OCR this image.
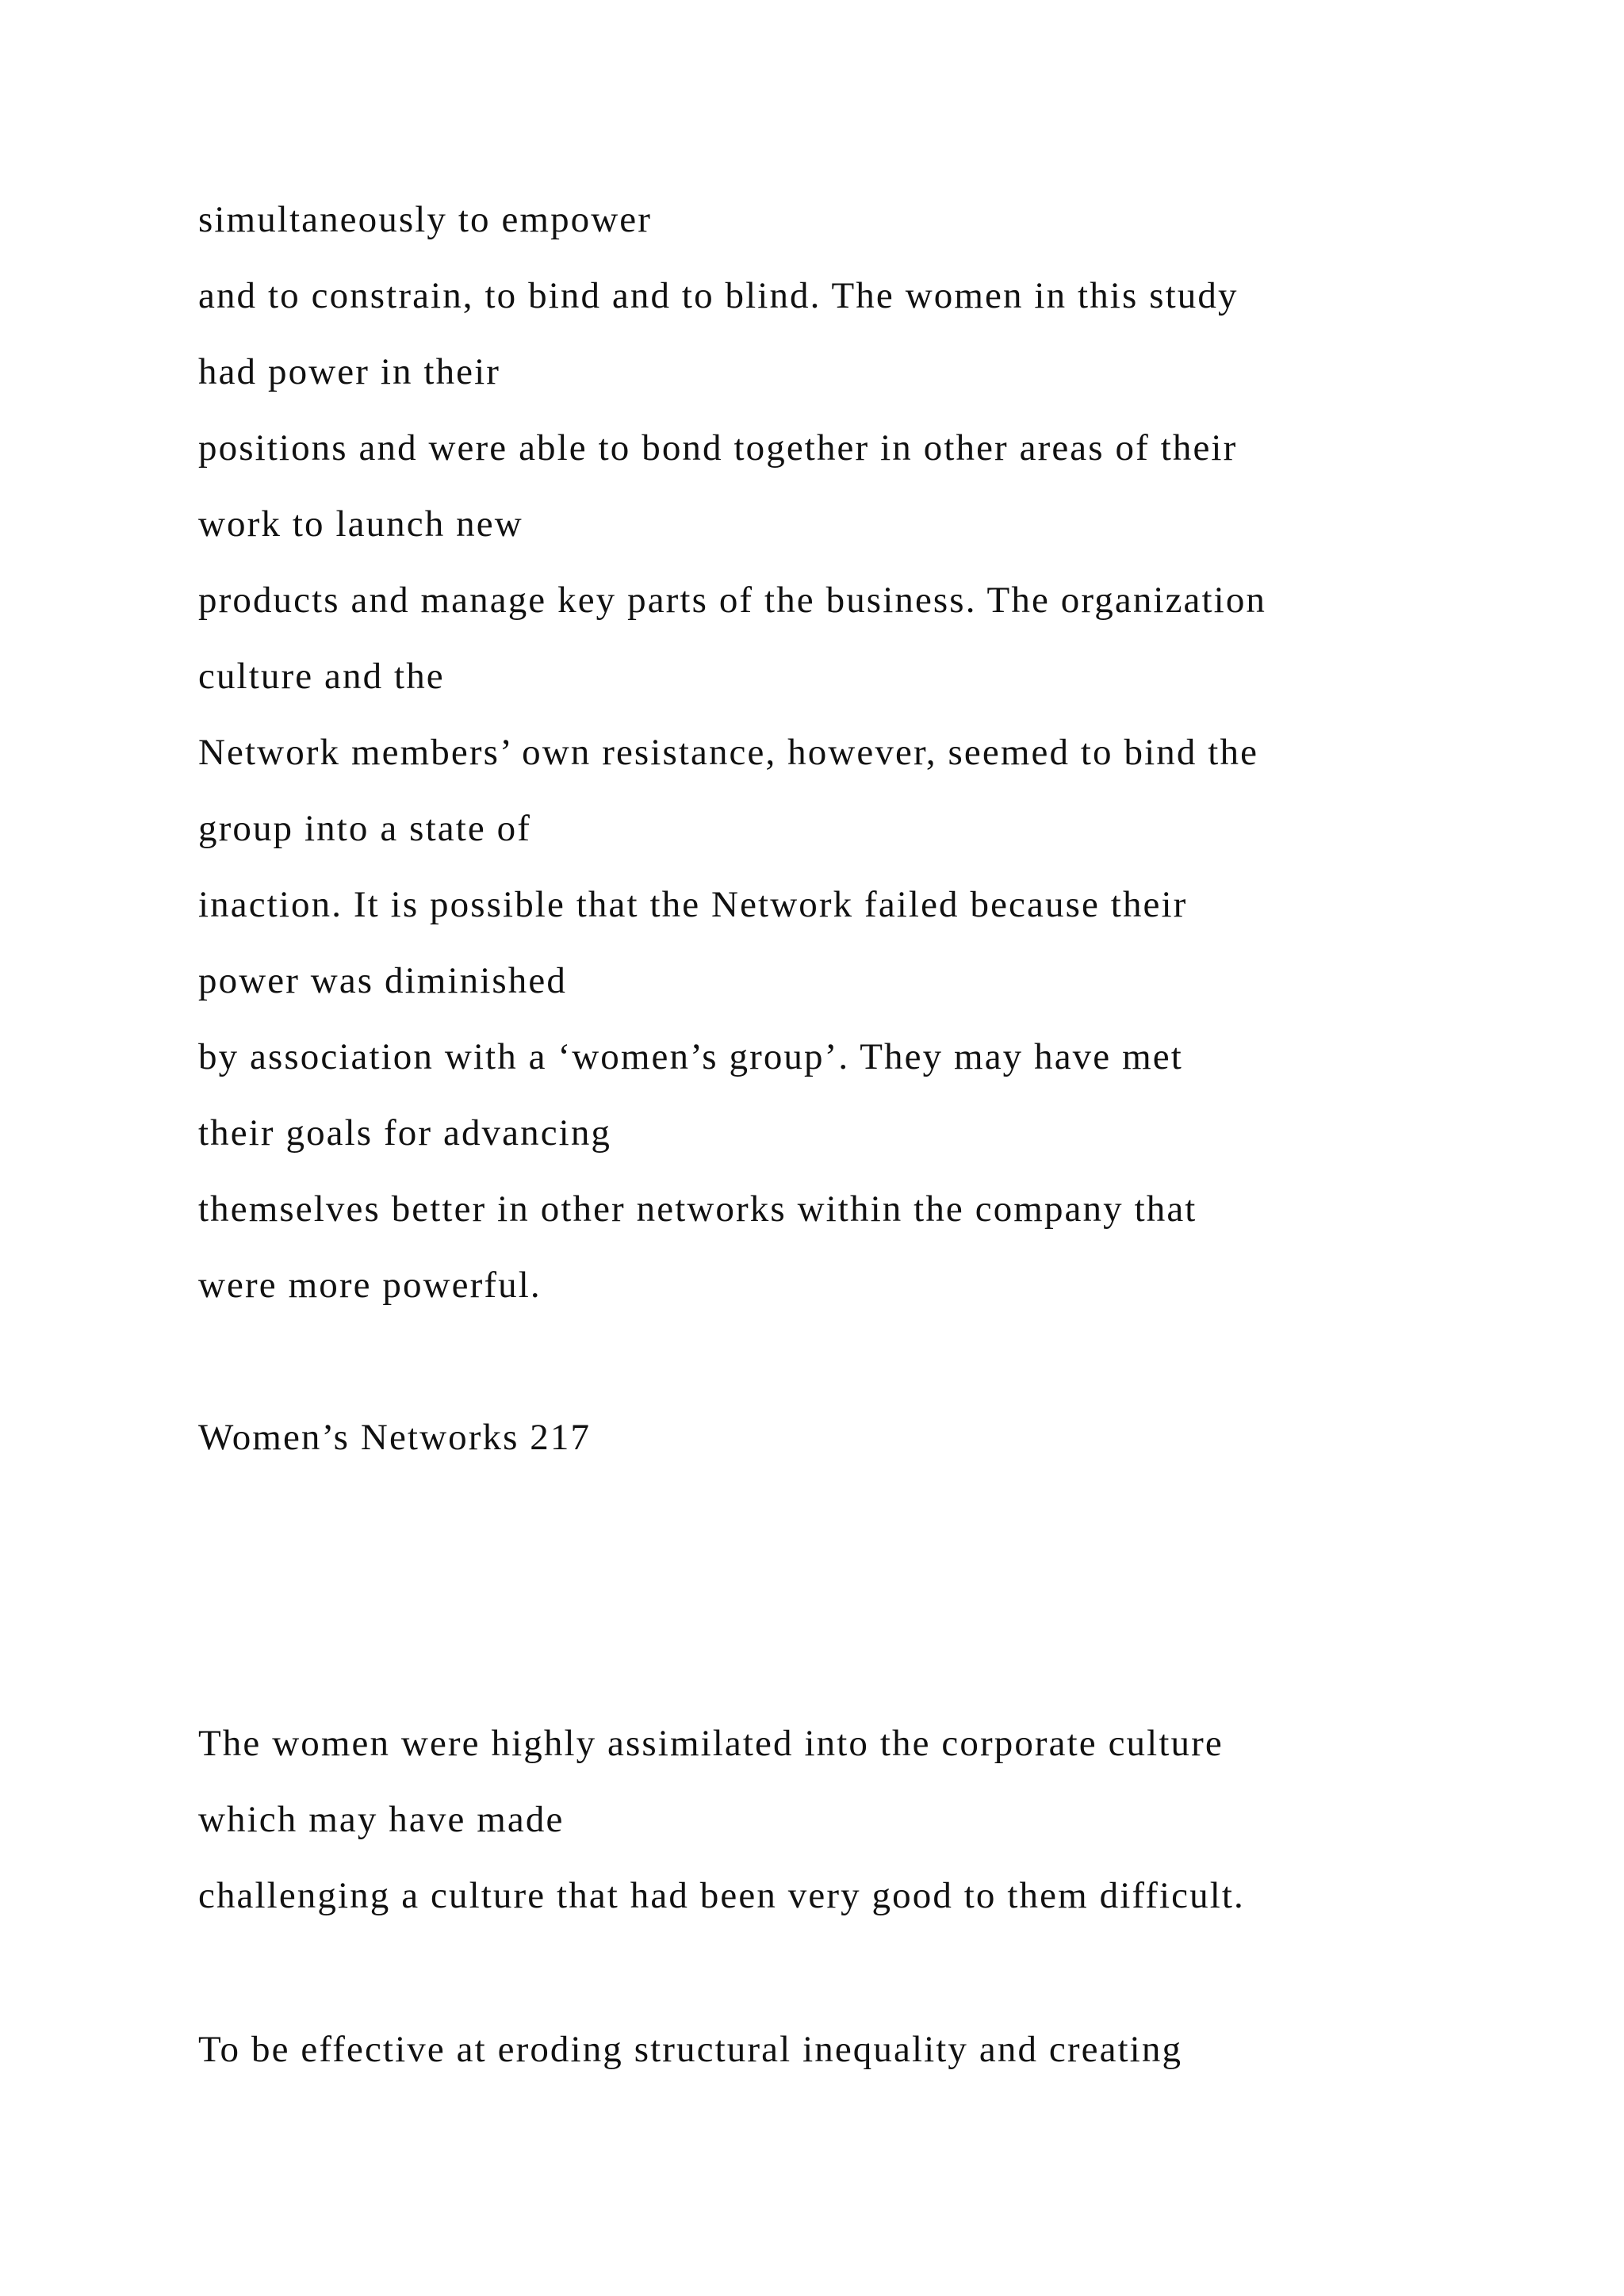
simultaneously to empower

and to constrain, to bind and to blind. The women in this study

had power in their

positions and were able to bond together in other areas of their

work to launch new

products and manage key parts of the business. The organization

culture and the

Network members’ own resistance, however, seemed to bind the

group into a state of

inaction. It is possible that the Network failed because their

power was diminished

by association with a ‘women’s group’. They may have met

their goals for advancing

themselves better in other networks within the company that

were more powerful.

Women’s Networks 217

The women were highly assimilated into the corporate culture

which may have made

challenging a culture that had been very good to them difficult.

To be effective at eroding structural inequality and creating
